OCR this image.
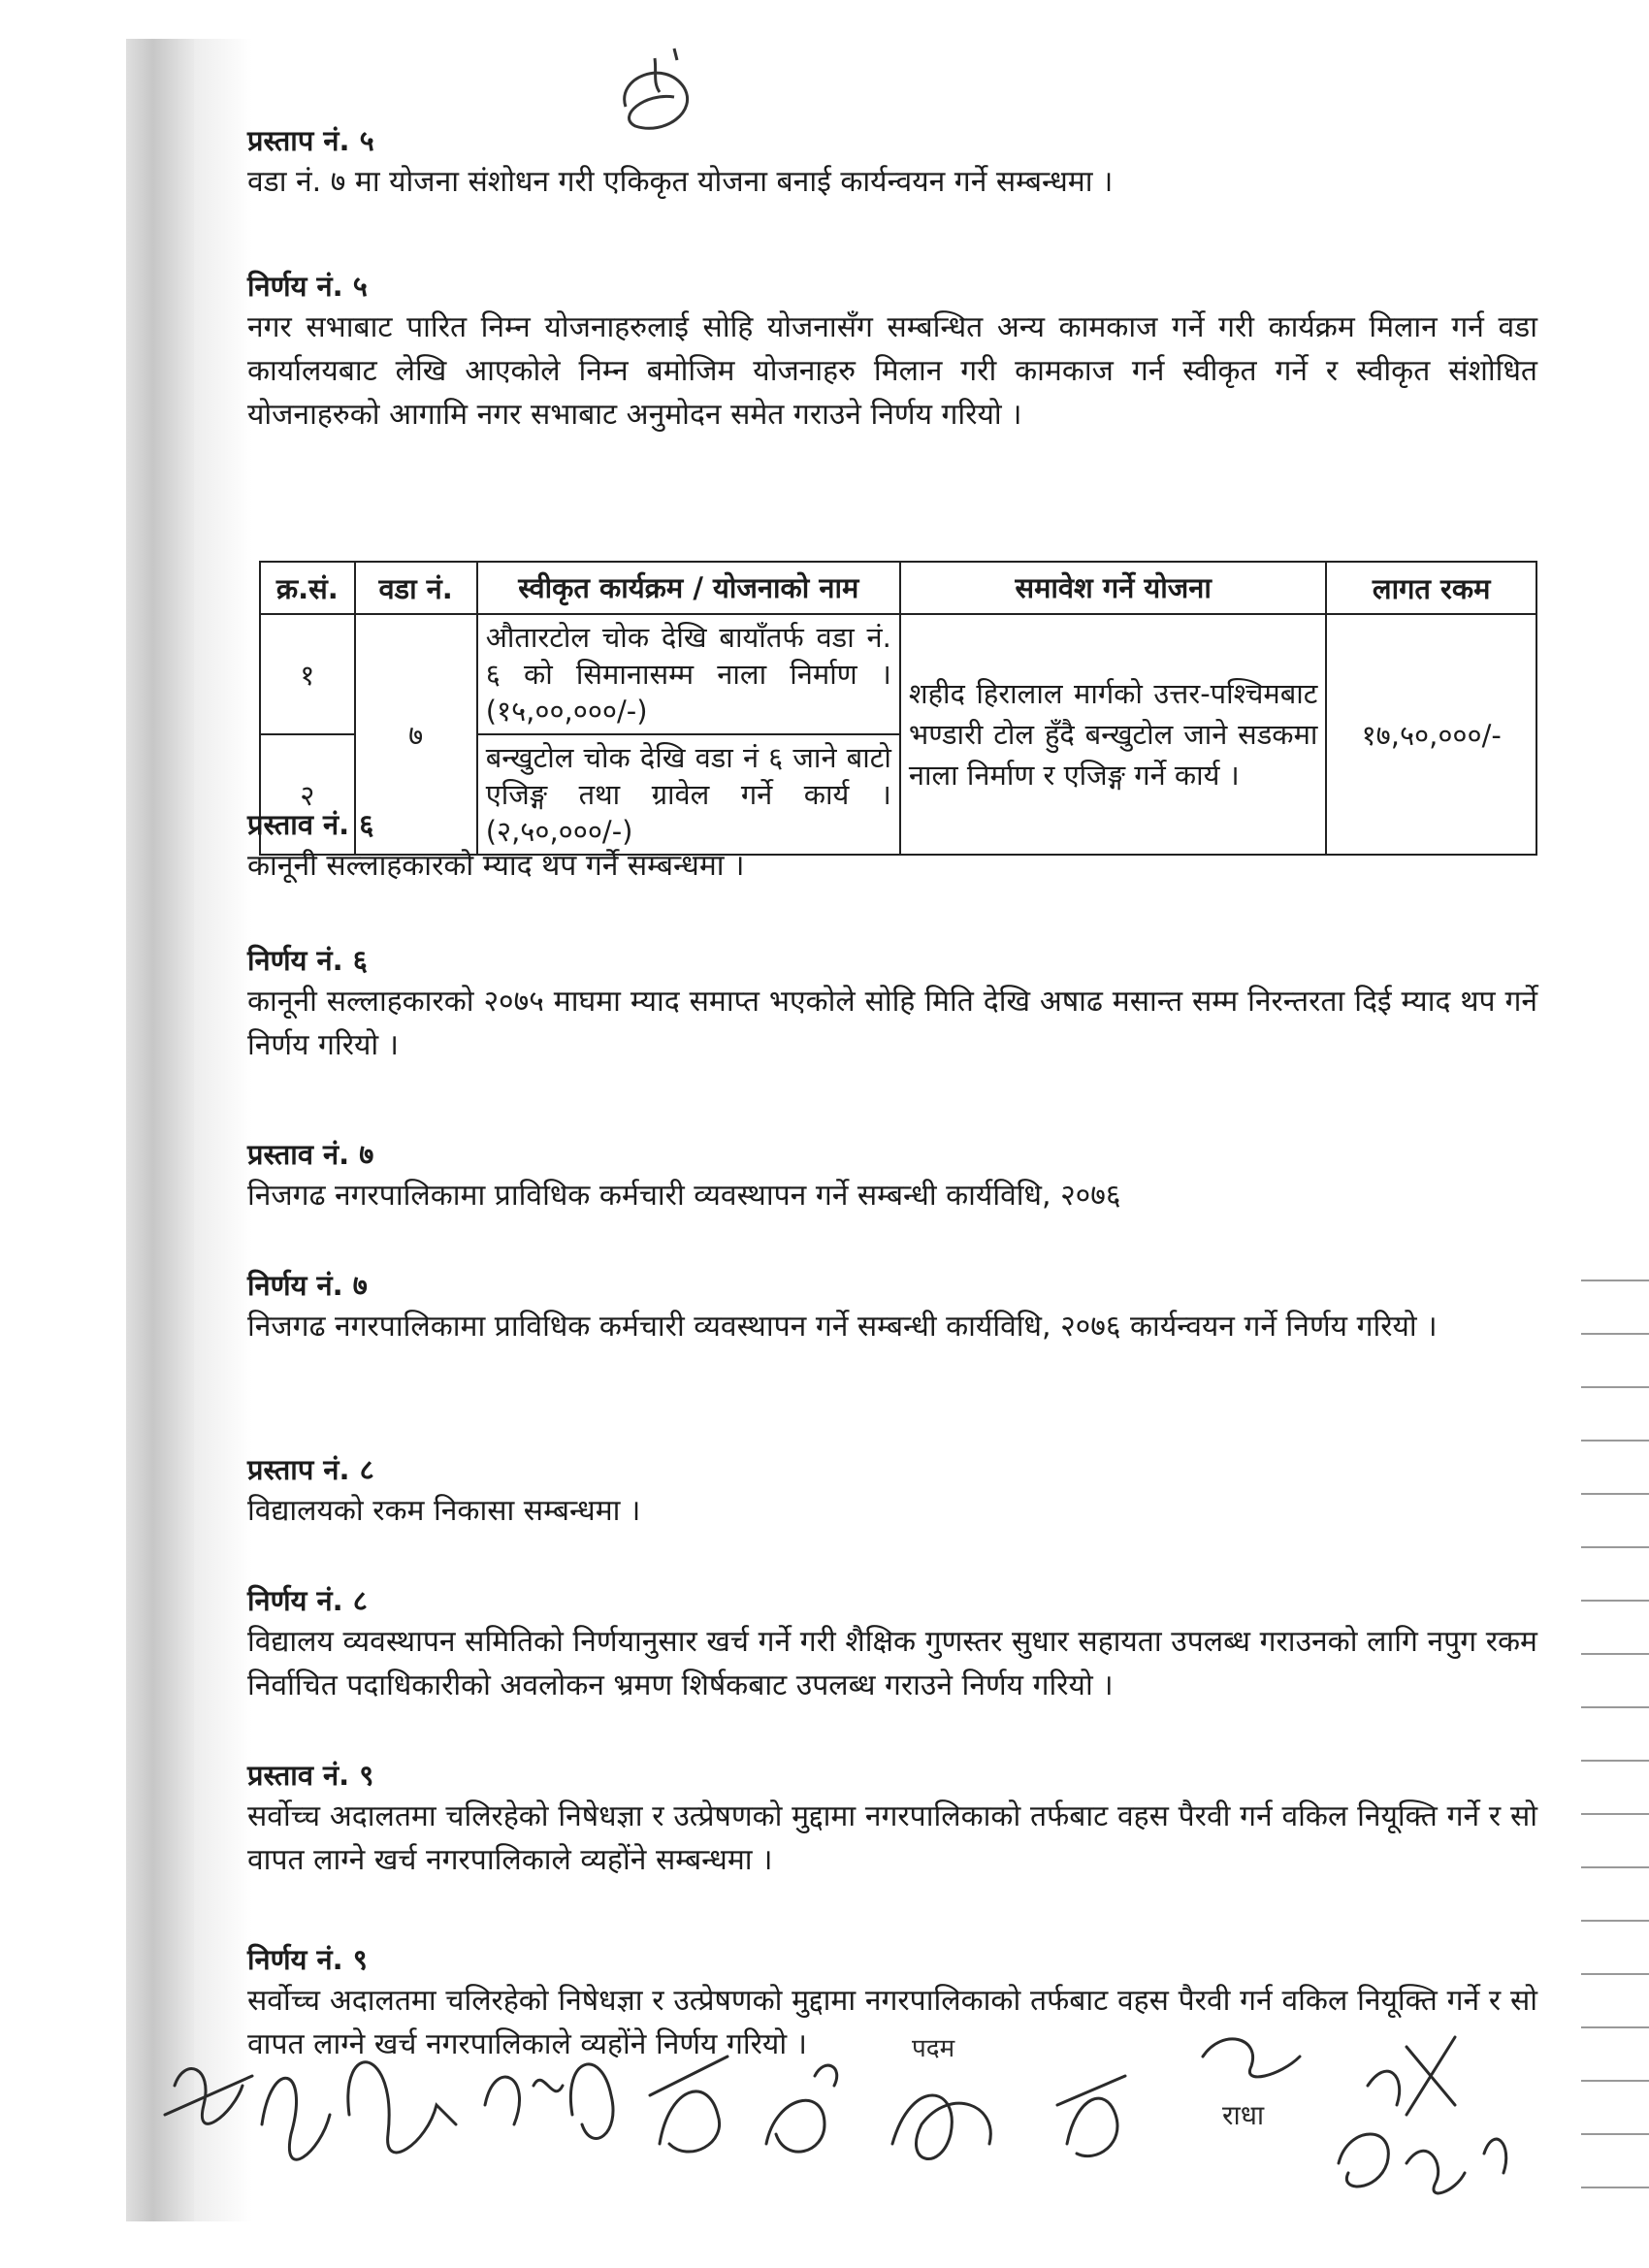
प्रस्ताप नं. ५
वडा नं. ७ मा योजना संशोधन गरी एकिकृत योजना बनाई कार्यन्वयन गर्ने सम्बन्धमा ।
निर्णय नं. ५
नगर सभाबाट पारित निम्न योजनाहरुलाई सोहि योजनासँग सम्बन्धित अन्य कामकाज गर्ने गरी कार्यक्रम मिलान गर्न वडा कार्यालयबाट लेखि आएकोले निम्न बमोजिम योजनाहरु मिलान गरी कामकाज गर्न स्वीकृत गर्ने र स्वीकृत संशोधित योजनाहरुको आगामि नगर सभाबाट अनुमोदन समेत गराउने निर्णय गरियो ।
क्र.सं.	वडा नं.	स्वीकृत कार्यक्रम / योजनाको नाम	समावेश गर्ने योजना	लागत रकम
१	७	औतारटोल चोक देखि बायाँतर्फ वडा नं. ६ को सिमानासम्म नाला निर्माण । (१५,००,०००/-)	शहीद हिरालाल मार्गको उत्तर-पश्चिमबाट भण्डारी टोल हुँदै बन्खुटोल जाने सडकमा नाला निर्माण र एजिङ्ग गर्ने कार्य ।	१७,५०,०००/-
२		बन्खुटोल चोक देखि वडा नं ६ जाने बाटो एजिङ्ग तथा ग्रावेल गर्ने कार्य । (२,५०,०००/-)		
प्रस्ताव नं. ६
कानूनी सल्लाहकारको म्याद थप गर्ने सम्बन्धमा ।
निर्णय नं. ६
कानूनी सल्लाहकारको २०७५ माघमा म्याद समाप्त भएकोले सोहि मिति देखि अषाढ मसान्त सम्म निरन्तरता दिई म्याद थप गर्ने निर्णय गरियो ।
प्रस्ताव नं. ७
निजगढ नगरपालिकामा प्राविधिक कर्मचारी व्यवस्थापन गर्ने सम्बन्धी कार्यविधि, २०७६
निर्णय नं. ७
निजगढ नगरपालिकामा प्राविधिक कर्मचारी व्यवस्थापन गर्ने सम्बन्धी कार्यविधि, २०७६ कार्यन्वयन गर्ने निर्णय गरियो ।
प्रस्ताप नं. ८
विद्यालयको रकम निकासा सम्बन्धमा ।
निर्णय नं. ८
विद्यालय व्यवस्थापन समितिको निर्णयानुसार खर्च गर्ने गरी शैक्षिक गुणस्तर सुधार सहायता उपलब्ध गराउनको लागि नपुग रकम निर्वाचित पदाधिकारीको अवलोकन भ्रमण शिर्षकबाट उपलब्ध गराउने निर्णय गरियो ।
प्रस्ताव नं. ९
सर्वोच्च अदालतमा चलिरहेको निषेधज्ञा र उत्प्रेषणको मुद्दामा नगरपालिकाको तर्फबाट वहस पैरवी गर्न वकिल नियूक्ति गर्ने र सो वापत लाग्ने खर्च नगरपालिकाले व्यहोंने सम्बन्धमा ।
निर्णय नं. ९
सर्वोच्च अदालतमा चलिरहेको निषेधज्ञा र उत्प्रेषणको मुद्दामा नगरपालिकाको तर्फबाट वहस पैरवी गर्न वकिल नियूक्ति गर्ने र सो वापत लाग्ने खर्च नगरपालिकाले व्यहोंने निर्णय गरियो ।	पदम
राधा
